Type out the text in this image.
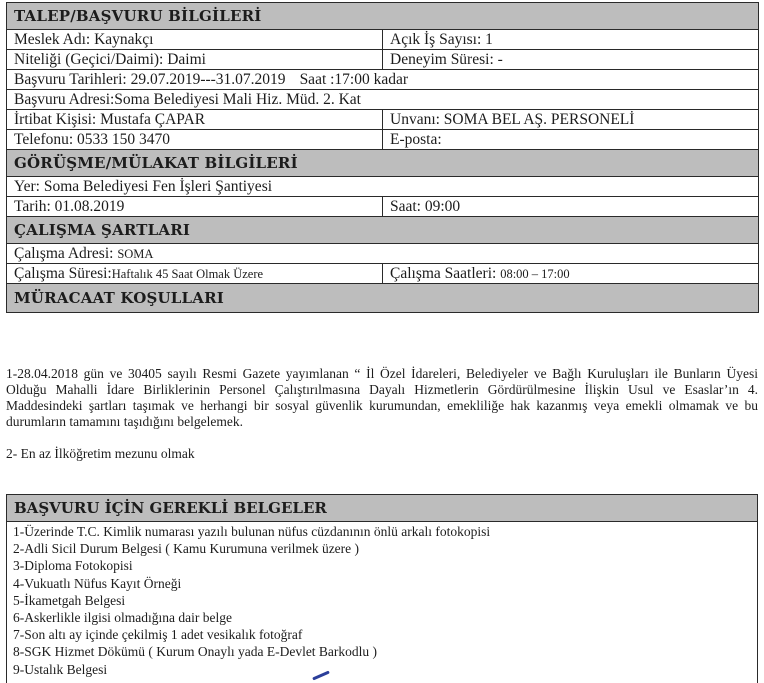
TALEP/BAŞVURU BİLGİLERİ	
Meslek Adı: Kaynakçı	Açık İş Sayısı: 1
Niteliği (Geçici/Daimi): Daimi	Deneyim Süresi: -
Başvuru Tarihleri: 29.07.2019---31.07.2019 Saat :17:00 kadar	
Başvuru Adresi:Soma Belediyesi Mali Hiz. Müd. 2. Kat	
İrtibat Kişisi: Mustafa ÇAPAR	Unvanı: SOMA BEL AŞ. PERSONELİ
Telefonu: 0533 150 3470	E-posta:
GÖRÜŞME/MÜLAKAT BİLGİLERİ	
Yer: Soma Belediyesi Fen İşleri Şantiyesi	
Tarih: 01.08.2019	Saat: 09:00
ÇALIŞMA ŞARTLARI	
Çalışma Adresi: SOMA	
Çalışma Süresi:Haftalık 45 Saat Olmak Üzere	Çalışma Saatleri: 08:00 – 17:00
MÜRACAAT KOŞULLARI	

1-28.04.2018 gün ve 30405 sayılı Resmi Gazete yayımlanan “ İl Özel İdareleri, Belediyeler ve Bağlı Kuruluşları ile Bunların Üyesi Olduğu Mahalli İdare Birliklerinin Personel Çalıştırılmasına Dayalı Hizmetlerin Gördürülmesine İlişkin Usul ve Esaslar’ın 4. Maddesindeki şartları taşımak ve herhangi bir sosyal güvenlik kurumundan, emekliliğe hak kazanmış veya emekli olmamak ve bu durumların tamamını taşıdığını belgelemek.

2- En az İlköğretim mezunu olmak
BAŞVURU İÇİN GEREKLİ BELGELER
1-Üzerinde T.C. Kimlik numarası yazılı bulunan nüfus cüzdanının önlü arkalı fotokopisi
2-Adli Sicil Durum Belgesi ( Kamu Kurumuna verilmek üzere )
3-Diploma Fotokopisi
4-Vukuatlı Nüfus Kayıt Örneği
5-İkametgah Belgesi
6-Askerlikle ilgisi olmadığına dair belge
7-Son altı ay içinde çekilmiş 1 adet vesikalık fotoğraf
8-SGK Hizmet Dökümü ( Kurum Onaylı yada E-Devlet Barkodlu )
9-Ustalık Belgesi
